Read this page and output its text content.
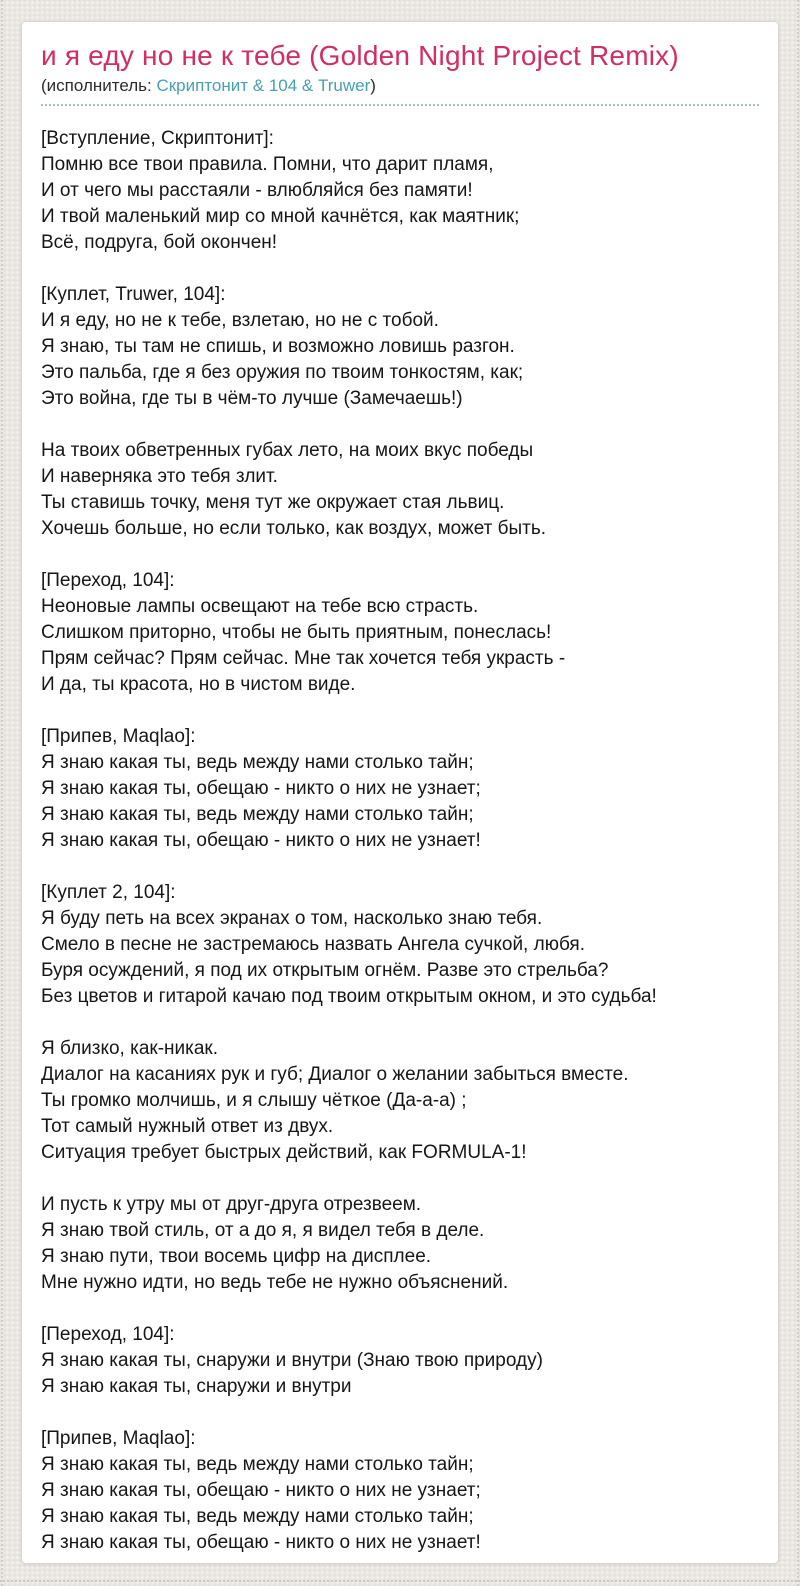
и я еду но не к тебе (Golden Night Project Remix)
(исполнитель: Скриптонит & 104 & Truwer)

[Вступление, Скриптонит]:
Помню все твои правила. Помни, что дарит пламя,
И от чего мы расстаяли - влюбляйся без памяти!
И твой маленький мир со мной качнётся, как маятник;
Всё, подруга, бой окончен!

[Куплет, Truwer, 104]:
И я еду, но не к тебе, взлетаю, но не с тобой.
Я знаю, ты там не спишь, и возможно ловишь разгон.
Это пальба, где я без оружия по твоим тонкостям, как;
Это война, где ты в чём-то лучше (Замечаешь!)

На твоих обветренных губах лето, на моих вкус победы
И наверняка это тебя злит.
Ты ставишь точку, меня тут же окружает стая львиц.
Хочешь больше, но если только, как воздух, может быть.

[Переход, 104]:
Неоновые лампы освещают на тебе всю страсть.
Слишком приторно, чтобы не быть приятным, понеслась!
Прям сейчас? Прям сейчас. Мне так хочется тебя украсть -
И да, ты красота, но в чистом виде.

[Припев, Maqlao]:
Я знаю какая ты, ведь между нами столько тайн;
Я знаю какая ты, обещаю - никто о них не узнает;
Я знаю какая ты, ведь между нами столько тайн;
Я знаю какая ты, обещаю - никто о них не узнает!

[Куплет 2, 104]:
Я буду петь на всех экранах о том, насколько знаю тебя.
Смело в песне не застремаюсь назвать Ангела сучкой, любя.
Буря осуждений, я под их открытым огнём. Разве это стрельба?
Без цветов и гитарой качаю под твоим открытым окном, и это судьба!

Я близко, как-никак.
Диалог на касаниях рук и губ; Диалог о желании забыться вместе.
Ты громко молчишь, и я слышу чёткое (Да-а-а) ;
Тот самый нужный ответ из двух.
Ситуация требует быстрых действий, как FORMULA-1!

И пусть к утру мы от друг-друга отрезвеем.
Я знаю твой стиль, от а до я, я видел тебя в деле.
Я знаю пути, твои восемь цифр на дисплее.
Мне нужно идти, но ведь тебе не нужно объяснений.

[Переход, 104]:
Я знаю какая ты, снаружи и внутри (Знаю твою природу)
Я знаю какая ты, снаружи и внутри

[Припев, Maqlao]:
Я знаю какая ты, ведь между нами столько тайн;
Я знаю какая ты, обещаю - никто о них не узнает;
Я знаю какая ты, ведь между нами столько тайн;
Я знаю какая ты, обещаю - никто о них не узнает!
